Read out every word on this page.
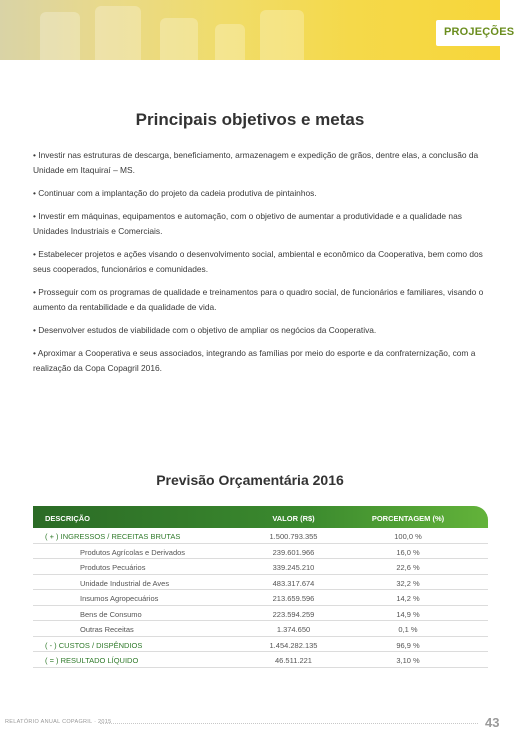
PROJEÇÕES
Principais objetivos e metas

• Investir nas estruturas de descarga, beneficiamento, armazenagem e expedição de grãos, dentre elas, a conclusão da Unidade em Itaquiraí – MS.

• Continuar com a implantação do projeto da cadeia produtiva de pintainhos.

• Investir em máquinas, equipamentos e automação, com o objetivo de aumentar a produtividade e a qualidade nas Unidades Industriais e Comerciais.

• Estabelecer projetos e ações visando o desenvolvimento social, ambiental e econômico da Cooperativa, bem como dos seus cooperados, funcionários e comunidades.

• Prosseguir com os programas de qualidade e treinamentos para o quadro social, de funcionários e familiares, visando o aumento da rentabilidade e da qualidade de vida.

• Desenvolver estudos de viabilidade com o objetivo de ampliar os negócios da Cooperativa.

• Aproximar a Cooperativa e seus associados, integrando as famílias por meio do esporte e da confraternização, com a realização da Copa Copagril 2016.

Previsão Orçamentária 2016
DESCRIÇÃO	VALOR (R$)	PORCENTAGEM (%)
( + ) INGRESSOS / RECEITAS BRUTAS	1.500.793.355	100,0 %
Produtos Agrícolas e Derivados	239.601.966	16,0 %
Produtos Pecuários	339.245.210	22,6 %
Unidade Industrial de Aves	483.317.674	32,2 %
Insumos Agropecuários	213.659.596	14,2 %
Bens de Consumo	223.594.259	14,9 %
Outras Receitas	1.374.650	0,1 %
( - ) CUSTOS / DISPÊNDIOS	1.454.282.135	96,9 %
( = ) RESULTADO LÍQUIDO	46.511.221	3,10 %
RELATÓRIO ANUAL COPAGRIL · 2015	43
